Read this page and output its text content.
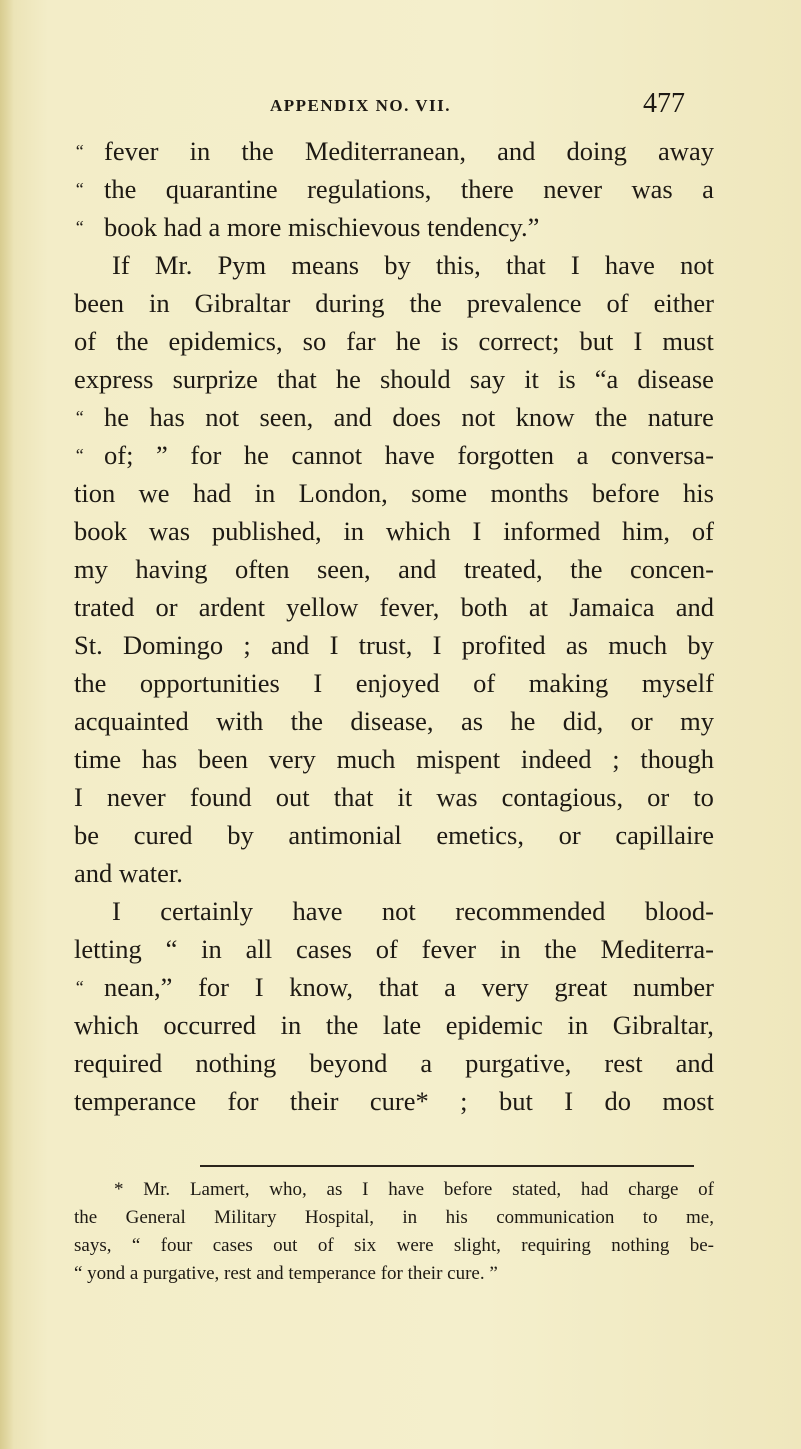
APPENDIX NO. VII.	477
“ fever in the Mediterranean, and doing away
“ the quarantine regulations, there never was a
“ book had a more mischievous tendency.”
If Mr. Pym means by this, that I have not
been in Gibraltar during the prevalence of either
of the epidemics, so far he is correct; but I must
express surprize that he should say it is “a disease
“ he has not seen, and does not know the nature
“ of; ” for he cannot have forgotten a conversa-
tion we had in London, some months before his
book was published, in which I informed him, of
my having often seen, and treated, the concen-
trated or ardent yellow fever, both at Jamaica and
St. Domingo ; and I trust, I profited as much by
the opportunities I enjoyed of making myself
acquainted with the disease, as he did, or my
time has been very much mispent indeed ; though
I never found out that it was contagious, or to
be cured by antimonial emetics, or capillaire
and water.
I certainly have not recommended blood-
letting “ in all cases of fever in the Mediterra-
“ nean,” for I know, that a very great number
which occurred in the late epidemic in Gibraltar,
required nothing beyond a purgative, rest and
temperance for their cure* ; but I do most
* Mr. Lamert, who, as I have before stated, had charge of
the General Military Hospital, in his communication to me,
says, “ four cases out of six were slight, requiring nothing be-
“ yond a purgative, rest and temperance for their cure. ”
